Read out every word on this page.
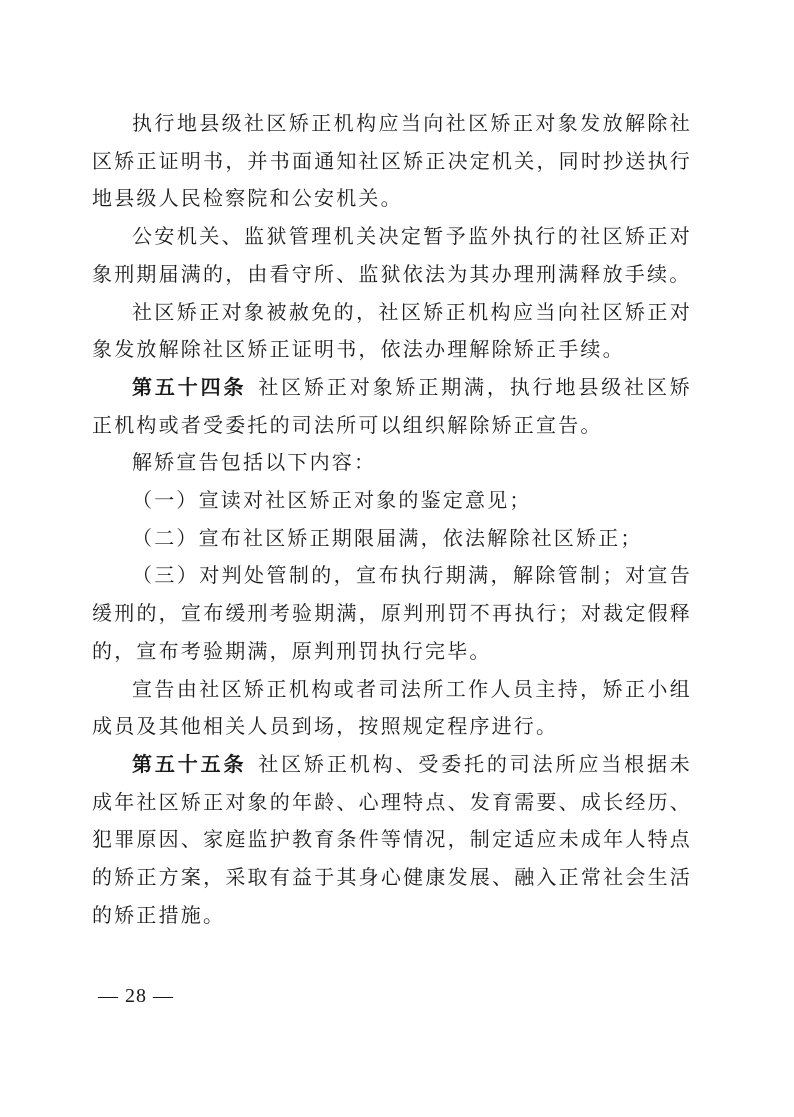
执行地县级社区矫正机构应当向社区矫正对象发放解除社区矫正证明书，并书面通知社区矫正决定机关，同时抄送执行地县级人民检察院和公安机关。

公安机关、监狱管理机关决定暂予监外执行的社区矫正对象刑期届满的，由看守所、监狱依法为其办理刑满释放手续。

社区矫正对象被赦免的，社区矫正机构应当向社区矫正对象发放解除社区矫正证明书，依法办理解除矫正手续。

第五十四条 社区矫正对象矫正期满，执行地县级社区矫正机构或者受委托的司法所可以组织解除矫正宣告。

解矫宣告包括以下内容：

（一）宣读对社区矫正对象的鉴定意见；

（二）宣布社区矫正期限届满，依法解除社区矫正；

（三）对判处管制的，宣布执行期满，解除管制；对宣告缓刑的，宣布缓刑考验期满，原判刑罚不再执行；对裁定假释的，宣布考验期满，原判刑罚执行完毕。

宣告由社区矫正机构或者司法所工作人员主持，矫正小组成员及其他相关人员到场，按照规定程序进行。

第五十五条 社区矫正机构、受委托的司法所应当根据未成年社区矫正对象的年龄、心理特点、发育需要、成长经历、犯罪原因、家庭监护教育条件等情况，制定适应未成年人特点的矫正方案，采取有益于其身心健康发展、融入正常社会生活的矫正措施。

— 28 —
